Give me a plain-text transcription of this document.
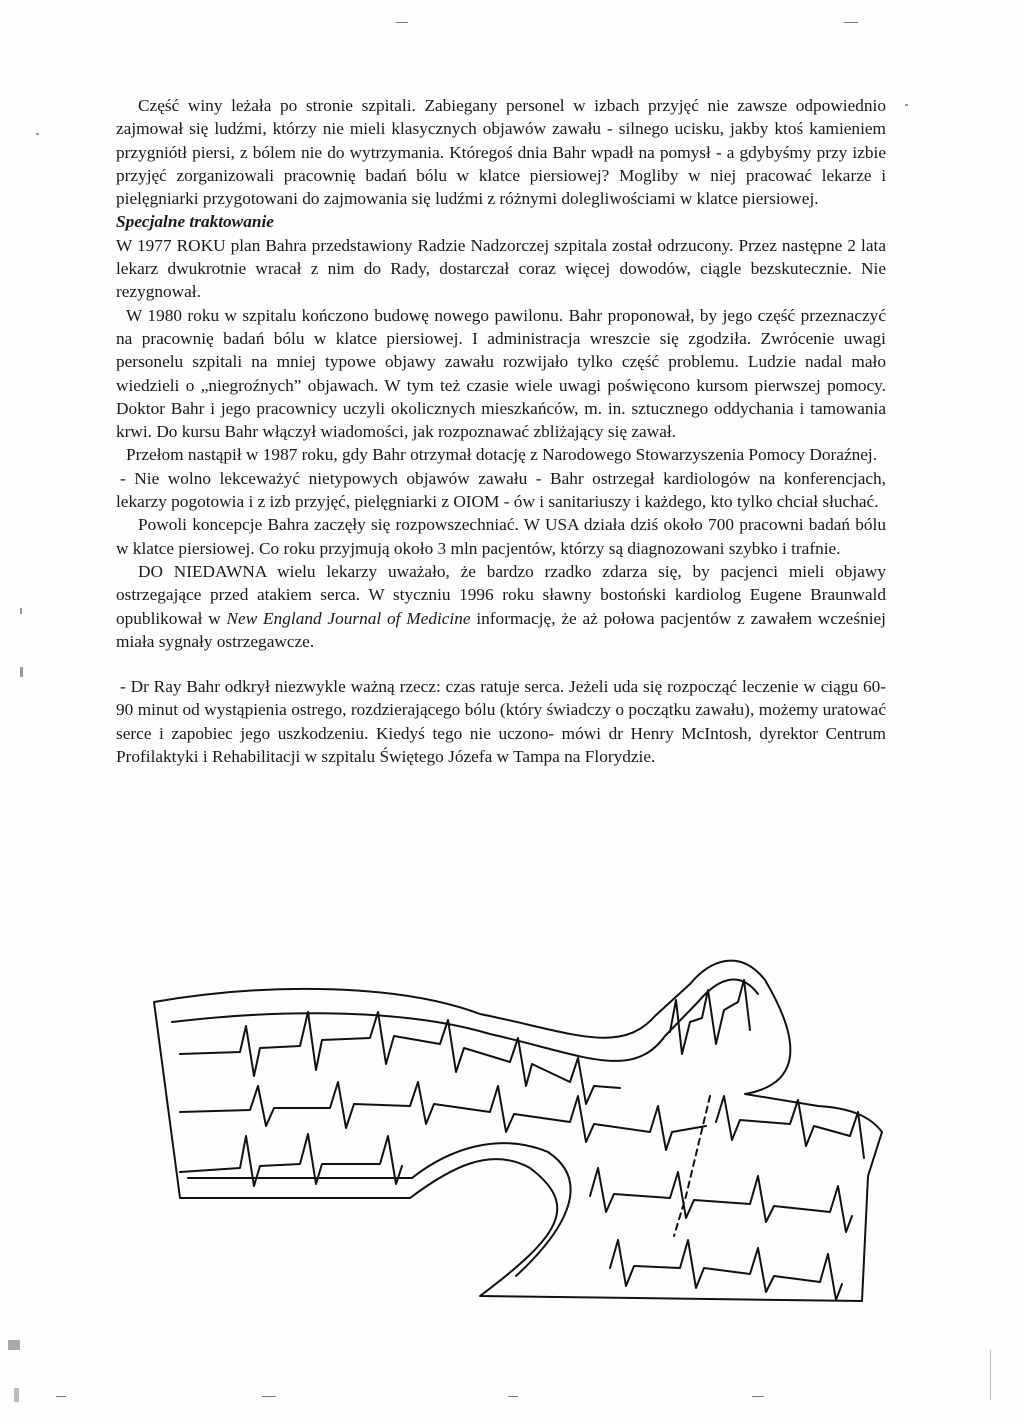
Część winy leżała po stronie szpitali. Zabiegany personel w izbach przyjęć nie zawsze odpowiednio zajmował się ludźmi, którzy nie mieli klasycznych objawów zawału - silnego ucisku, jakby ktoś kamieniem przygniótł piersi, z bólem nie do wytrzymania. Któregoś dnia Bahr wpadł na pomysł - a gdybyśmy przy izbie przyjęć zorganizowali pracownię badań bólu w klatce piersiowej? Mogliby w niej pracować lekarze i pielęgniarki przygotowani do zajmowania się ludźmi z różnymi dolegliwościami w klatce piersiowej.

Specjalne traktowanie

W 1977 ROKU plan Bahra przedstawiony Radzie Nadzorczej szpitala został odrzucony. Przez następne 2 lata lekarz dwukrotnie wracał z nim do Rady, dostarczał coraz więcej dowodów, ciągle bezskutecznie. Nie rezygnował.

W 1980 roku w szpitalu kończono budowę nowego pawilonu. Bahr proponował, by jego część przeznaczyć na pracownię badań bólu w klatce piersiowej. I administracja wreszcie się zgodziła. Zwrócenie uwagi personelu szpitali na mniej typowe objawy zawału rozwijało tylko część problemu. Ludzie nadal mało wiedzieli o „niegroźnych” objawach. W tym też czasie wiele uwagi poświęcono kursom pierwszej pomocy. Doktor Bahr i jego pracownicy uczyli okolicznych mieszkańców, m. in. sztucznego oddychania i tamowania krwi. Do kursu Bahr włączył wiadomości, jak rozpoznawać zbliżający się zawał.

Przełom nastąpił w 1987 roku, gdy Bahr otrzymał dotację z Narodowego Stowarzyszenia Pomocy Doraźnej.

- Nie wolno lekceważyć nietypowych objawów zawału - Bahr ostrzegał kardiologów na konferencjach, lekarzy pogotowia i z izb przyjęć, pielęgniarki z OIOM - ów i sanitariuszy i każdego, kto tylko chciał słuchać.

Powoli koncepcje Bahra zaczęły się rozpowszechniać. W USA działa dziś około 700 pracowni badań bólu w klatce piersiowej. Co roku przyjmują około 3 mln pacjentów, którzy są diagnozowani szybko i trafnie.

DO NIEDAWNA wielu lekarzy uważało, że bardzo rzadko zdarza się, by pacjenci mieli objawy ostrzegające przed atakiem serca. W styczniu 1996 roku sławny bostoński kardiolog Eugene Braunwald opublikował w New England Journal of Medicine informację, że aż połowa pacjentów z zawałem wcześniej miała sygnały ostrzegawcze.

- Dr Ray Bahr odkrył niezwykle ważną rzecz: czas ratuje serca. Jeżeli uda się rozpocząć leczenie w ciągu 60-90 minut od wystąpienia ostrego, rozdzierającego bólu (który świadczy o początku zawału), możemy uratować serce i zapobiec jego uszkodzeniu. Kiedyś tego nie uczono- mówi dr Henry McIntosh, dyrektor Centrum Profilaktyki i Rehabilitacji w szpitalu Świętego Józefa w Tampa na Florydzie.
